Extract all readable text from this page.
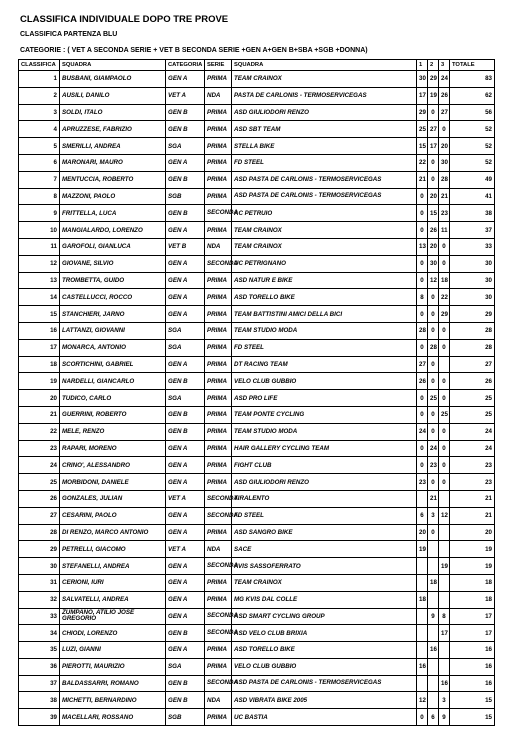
CLASSIFICA INDIVIDUALE DOPO TRE PROVE
CLASSIFICA PARTENZA BLU
CATEGORIE : ( VET A SECONDA SERIE + VET B SECONDA SERIE +GEN A+GEN B+SBA +SGB +DONNA)
CLASSIFICA	SQUADRA	CATEGORIA	SERIE	SQUADRA	1	2	3	TOTALE
1	BUSBANI, GIAMPAOLO	GEN A	PRIMA	TEAM CRAINOX	30	29	24	83
2	AUSILI, DANILO	VET A	NDA	PASTA DE CARLONIS - TERMOSERVICEGAS	17	19	26	62
3	SOLDI, ITALO	GEN B	PRIMA	ASD GIULIODORI RENZO	29	0	27	56
4	APRUZZESE, FABRIZIO	GEN B	PRIMA	ASD SBT TEAM	25	27	0	52
5	SMERILLI, ANDREA	SGA	PRIMA	STELLA BIKE	15	17	20	52
6	MARONARI, MAURO	GEN A	PRIMA	FD STEEL	22	0	30	52
7	MENTUCCIA, ROBERTO	GEN B	PRIMA	ASD PASTA DE CARLONIS - TERMOSERVICEGAS	21	0	28	49
8	MAZZONI, PAOLO	SGB	PRIMA	ASD PASTA DE CARLONIS - TERMOSERVICEGAS	0	20	21	41
9	FRITTELLA, LUCA	GEN B	SECONDA	AC PETRUIO	0	15	23	38
10	MANGIALARDO, LORENZO	GEN A	PRIMA	TEAM CRAINOX	0	26	11	37
11	GAROFOLI, GIANLUCA	VET B	NDA	TEAM CRAINOX	13	20	0	33
12	GIOVANE, SILVIO	GEN A	SECONDA	UC PETRIGNANO	0	30	0	30
13	TROMBETTA, GUIDO	GEN A	PRIMA	ASD NATUR E BIKE	0	12	18	30
14	CASTELLUCCI, ROCCO	GEN A	PRIMA	ASD TORELLO BIKE	8	0	22	30
15	STANCHIERI, JARNO	GEN A	PRIMA	TEAM BATTISTINI AMICI DELLA BICI	0	0	29	29
16	LATTANZI, GIOVANNI	SGA	PRIMA	TEAM STUDIO MODA	28	0	0	28
17	MONARCA, ANTONIO	SGA	PRIMA	FD STEEL	0	28	0	28
18	SCORTICHINI, GABRIEL	GEN A	PRIMA	DT RACING TEAM	27	0		27
19	NARDELLI, GIANCARLO	GEN B	PRIMA	VELO CLUB GUBBIO	26	0	0	26
20	TUDICO, CARLO	SGA	PRIMA	ASD PRO LIFE	0	25	0	25
21	GUERRINI, ROBERTO	GEN B	PRIMA	TEAM PONTE CYCLING	0	0	25	25
22	MELE, RENZO	GEN B	PRIMA	TEAM STUDIO MODA	24	0	0	24
23	RAPARI, MORENO	GEN A	PRIMA	HAIR GALLERY CYCLING TEAM	0	24	0	24
24	CRINO', ALESSANDRO	GEN A	PRIMA	FIGHT CLUB	0	23	0	23
25	MORBIDONI, DANIELE	GEN A	PRIMA	ASD GIULIODORI RENZO	23	0	0	23
26	GONZALES, JULIAN	VET A	SECONDA	TIRALENTO		21		21
27	CESARINI, PAOLO	GEN A	SECONDA	FD STEEL	6	3	12	21
28	DI RENZO, MARCO ANTONIO	GEN A	PRIMA	ASD SANGRO BIKE	20	0		20
29	PETRELLI, GIACOMO	VET A	NDA	SACE	19			19
30	STEFANELLI, ANDREA	GEN A	SECONDA	AVIS SASSOFERRATO			19	19
31	CERIONI, IURI	GEN A	PRIMA	TEAM CRAINOX		18		18
32	SALVATELLI, ANDREA	GEN A	PRIMA	MG KVIS DAL COLLE	18			18
33	ZUMPANO, ATILIO JOSE GREGORIO	GEN A	SECONDA	ASD SMART CYCLING GROUP		9	8	17
34	CHIODI, LORENZO	GEN B	SECONDA	ASD VELO CLUB BRIXIA			17	17
35	LUZI, GIANNI	GEN A	PRIMA	ASD TORELLO BIKE		16		16
36	PIEROTTI, MAURIZIO	SGA	PRIMA	VELO CLUB GUBBIO	16			16
37	BALDASSARRI, ROMANO	GEN B	SECONDA	ASD PASTA DE CARLONIS - TERMOSERVICEGAS			16	16
38	MICHETTI, BERNARDINO	GEN B	NDA	ASD VIBRATA BIKE 2005	12		3	15
39	MACELLARI, ROSSANO	SGB	PRIMA	UC BASTIA	0	6	9	15
